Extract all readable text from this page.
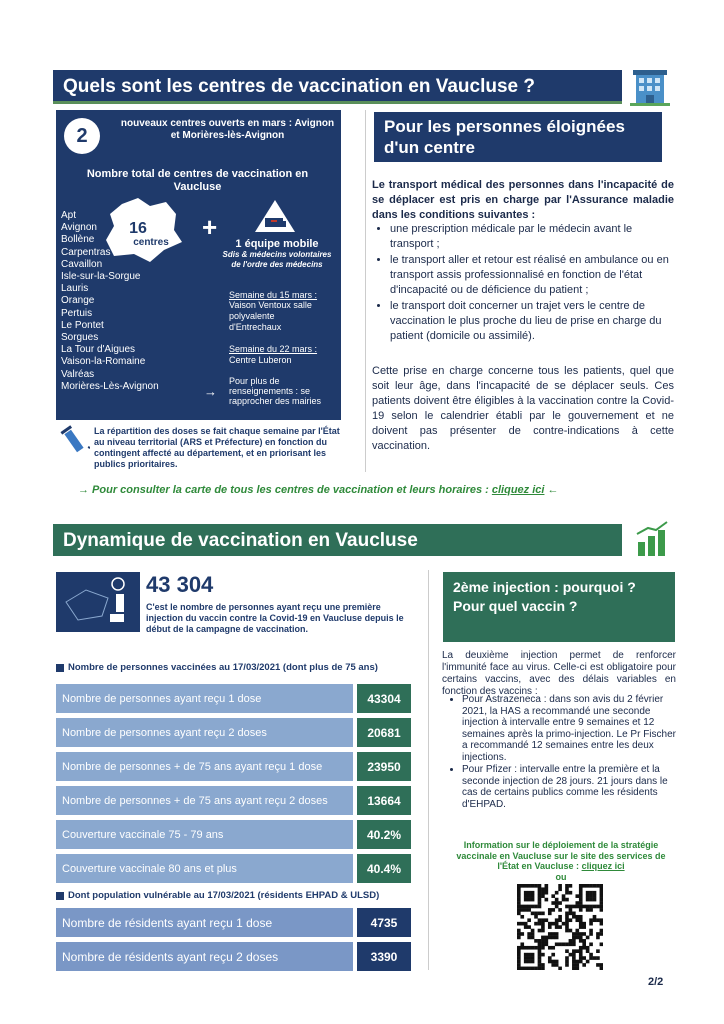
Quels sont les centres de vaccination en Vaucluse ?
2
nouveaux centres ouverts en mars : Avignon et Morières-lès-Avignon
Nombre total de centres de vaccination en Vaucluse
16
centres
Apt
Avignon
Bollène
Carpentras
Cavaillon
Isle-sur-la-Sorgue
Lauris
Orange
Pertuis
Le Pontet
Sorgues
La Tour d'Aigues
Vaison-la-Romaine
Valréas
Morières-Lès-Avignon
+
1 équipe mobile
Sdis & médecins volontaires de l'ordre des médecins
Semaine du 15 mars :
Vaison Ventoux salle polyvalente d'Entrechaux
Semaine du 22 mars :
Centre Luberon
→
Pour plus de renseignements : se rapprocher des mairies
La répartition des doses se fait chaque semaine par l'État au niveau territorial (ARS et Préfecture) en fonction du contingent affecté au département, et en priorisant les publics prioritaires.
Pour les personnes éloignées d'un centre
Le transport médical des personnes dans l'incapacité de se déplacer est pris en charge par l'Assurance maladie dans les conditions suivantes :
• une prescription médicale par le médecin avant le transport ;
• le transport aller et retour est réalisé en ambulance ou en transport assis professionnalisé en fonction de l'état d'incapacité ou de déficience du patient ;
• le transport doit concerner un trajet vers le centre de vaccination le plus proche du lieu de prise en charge du patient (domicile ou assimilé).
Cette prise en charge concerne tous les patients, quel que soit leur âge, dans l'incapacité de se déplacer seuls. Ces patients doivent être éligibles à la vaccination contre la Covid-19 selon le calendrier établi par le gouvernement et ne doivent pas présenter de contre-indications à cette vaccination.
→ Pour consulter la carte de tous les centres de vaccination et leurs horaires : cliquez ici ←
Dynamique de vaccination en Vaucluse
43 304
C'est le nombre de personnes ayant reçu une première injection du vaccin contre la Covid-19 en Vaucluse depuis le début de la campagne de vaccination.
Nombre de personnes vaccinées au 17/03/2021 (dont plus de 75 ans)
Nombre de personnes ayant reçu 1 dose	43304
Nombre de personnes ayant reçu 2 doses	20681
Nombre de personnes + de 75 ans ayant reçu 1 dose	23950
Nombre de personnes + de 75 ans ayant reçu 2 doses	13664
Couverture vaccinale 75 - 79 ans	40.2%
Couverture vaccinale 80 ans et plus	40.4%
Dont population vulnérable au 17/03/2021 (résidents EHPAD & ULSD)
Nombre de résidents ayant reçu 1 dose	4735
Nombre de résidents ayant reçu 2 doses	3390
2ème injection : pourquoi ? Pour quel vaccin ?
La deuxième injection permet de renforcer l'immunité face au virus. Celle-ci est obligatoire pour certains vaccins, avec des délais variables en fonction des vaccins :
• Pour Astrazeneca : dans son avis du 2 février 2021, la HAS a recommandé une seconde injection à intervalle entre 9 semaines et 12 semaines après la primo-injection. Le Pr Fischer a recommandé 12 semaines entre les deux injections.
• Pour Pfizer : intervalle entre la première et la seconde injection de 28 jours. 21 jours dans le cas de certains publics comme les résidents d'EHPAD.
Information sur le déploiement de la stratégie vaccinale en Vaucluse sur le site des services de l'État en Vaucluse : cliquez ici
ou
2/2
